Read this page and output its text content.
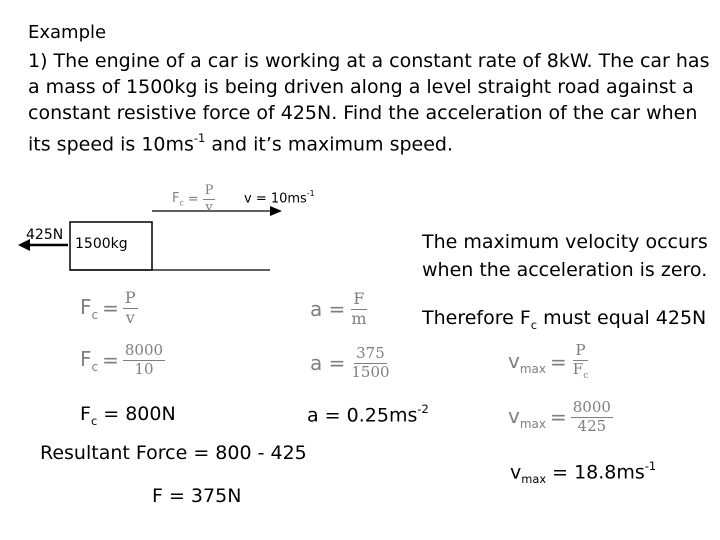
Example
1) The engine of a car is working at a constant rate of 8kW. The car has a mass of 1500kg is being driven along a level straight road against a constant resistive force of 425N. Find the acceleration of the car when its speed is $10ms^{-1}$ and it’s maximum speed.
$F_c = \frac{P}{v}$ $v = 10ms^{-1}$
425N
1500kg	The maximum velocity occurs when the acceleration is zero.
Therefore $F_c$ must equal 425N
$F_c = \frac{P}{v}$
$F_c = \frac{8000}{10}$
$F_c = 800N$
Resultant Force = 800 - 425
F = 375N
$a = \frac{F}{m}$
$a = \frac{375}{1500}$
$a = 0.25ms^{-2}$
$v_{max} = \frac{P}{F_c}$
$v_{max} = \frac{8000}{425}$
$v_{max} = 18.8ms^{-1}$
